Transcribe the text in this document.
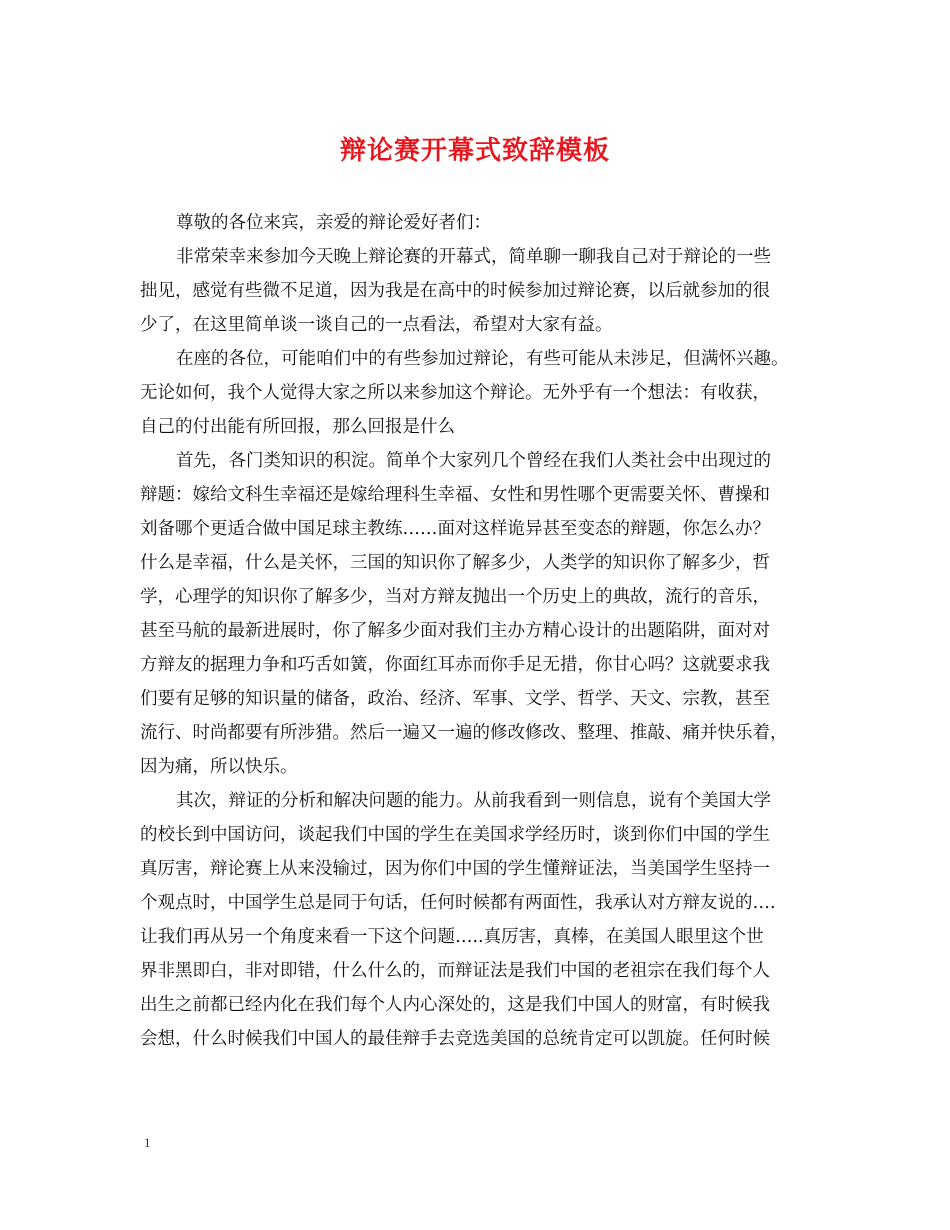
辩论赛开幕式致辞模板
尊敬的各位来宾，亲爱的辩论爱好者们：
非常荣幸来参加今天晚上辩论赛的开幕式，简单聊一聊我自己对于辩论的一些
拙见，感觉有些微不足道，因为我是在高中的时候参加过辩论赛，以后就参加的很
少了，在这里简单谈一谈自己的一点看法，希望对大家有益。
在座的各位，可能咱们中的有些参加过辩论，有些可能从未涉足，但满怀兴趣。
无论如何，我个人觉得大家之所以来参加这个辩论。无外乎有一个想法：有收获，
自己的付出能有所回报，那么回报是什么
首先，各门类知识的积淀。简单个大家列几个曾经在我们人类社会中出现过的
辩题：嫁给文科生幸福还是嫁给理科生幸福、女性和男性哪个更需要关怀、曹操和
刘备哪个更适合做中国足球主教练……面对这样诡异甚至变态的辩题，你怎么办？
什么是幸福，什么是关怀，三国的知识你了解多少，人类学的知识你了解多少，哲
学，心理学的知识你了解多少，当对方辩友抛出一个历史上的典故，流行的音乐，
甚至马航的最新进展时，你了解多少面对我们主办方精心设计的出题陷阱，面对对
方辩友的据理力争和巧舌如簧，你面红耳赤而你手足无措，你甘心吗？这就要求我
们要有足够的知识量的储备，政治、经济、军事、文学、哲学、天文、宗教，甚至
流行、时尚都要有所涉猎。然后一遍又一遍的修改修改、整理、推敲、痛并快乐着，
因为痛，所以快乐。
其次，辩证的分析和解决问题的能力。从前我看到一则信息，说有个美国大学
的校长到中国访问，谈起我们中国的学生在美国求学经历时，谈到你们中国的学生
真厉害，辩论赛上从来没输过，因为你们中国的学生懂辩证法，当美国学生坚持一
个观点时，中国学生总是同于句话，任何时候都有两面性，我承认对方辩友说的….
让我们再从另一个角度来看一下这个问题…..真厉害，真棒，在美国人眼里这个世
界非黑即白，非对即错，什么什么的，而辩证法是我们中国的老祖宗在我们每个人
出生之前都已经内化在我们每个人内心深处的，这是我们中国人的财富，有时候我
会想，什么时候我们中国人的最佳辩手去竞选美国的总统肯定可以凯旋。任何时候
1
